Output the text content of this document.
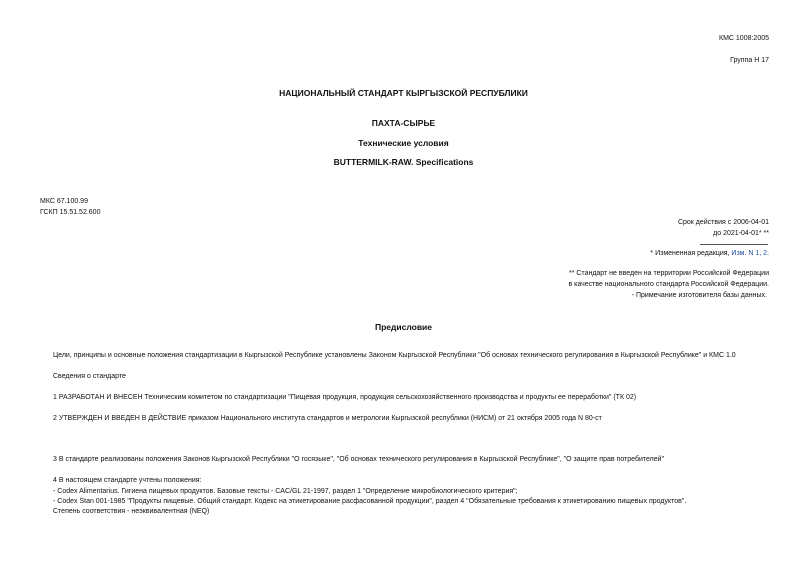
КМС 1008:2005
Группа Н 17
НАЦИОНАЛЬНЫЙ СТАНДАРТ КЫРГЫЗСКОЙ РЕСПУБЛИКИ
ПАХТА-СЫРЬЕ
Технические условия
BUTTERMILK-RAW. Specifications
МКС 67.100.99
ГСКП 15.51.52.600
Срок действия с 2006-04-01
до 2021-04-01* **
* Измененная редакция, Изм. N 1, 2.
** Стандарт не введен на территории Российской Федерации
в качестве национального стандарта Российской Федерации.
- Примечание изготовителя базы данных.
Предисловие
Цели, принципы и основные положения стандартизации в Кыргызской Республике установлены Законом Кыргызской Республики "Об основах технического регулирования в Кыргызской Республике" и КМС 1.0
Сведения о стандарте
1 РАЗРАБОТАН И ВНЕСЕН Техническим комитетом по стандартизации "Пищевая продукция, продукция сельскохозяйственного производства и продукты ее переработки" (ТК 02)
2 УТВЕРЖДЕН И ВВЕДЕН В ДЕЙСТВИЕ приказом Национального института стандартов и метрологии Кыргызской республики (НИСМ) от 21 октября 2005 года N 80-ст
3 В стандарте реализованы положения Законов Кыргызской Республики "О госязыке", "Об основах технического регулирования в Кыргызской Республике", "О защите прав потребителей"
4 В настоящем стандарте учтены положения:
- Codex Alimentarius. Гигиена пищевых продуктов. Базовые тексты - CAC/GL 21-1997, раздел 1 "Определение микробиологического критерия";
- Codex Stan 001-1985 "Продукты пищевые. Общий стандарт. Кодекс на этикетирование расфасованной продукции", раздел 4 "Обязательные требования к этикетированию пищевых продуктов".
Степень соответствия - неэквивалентная (NEQ)
